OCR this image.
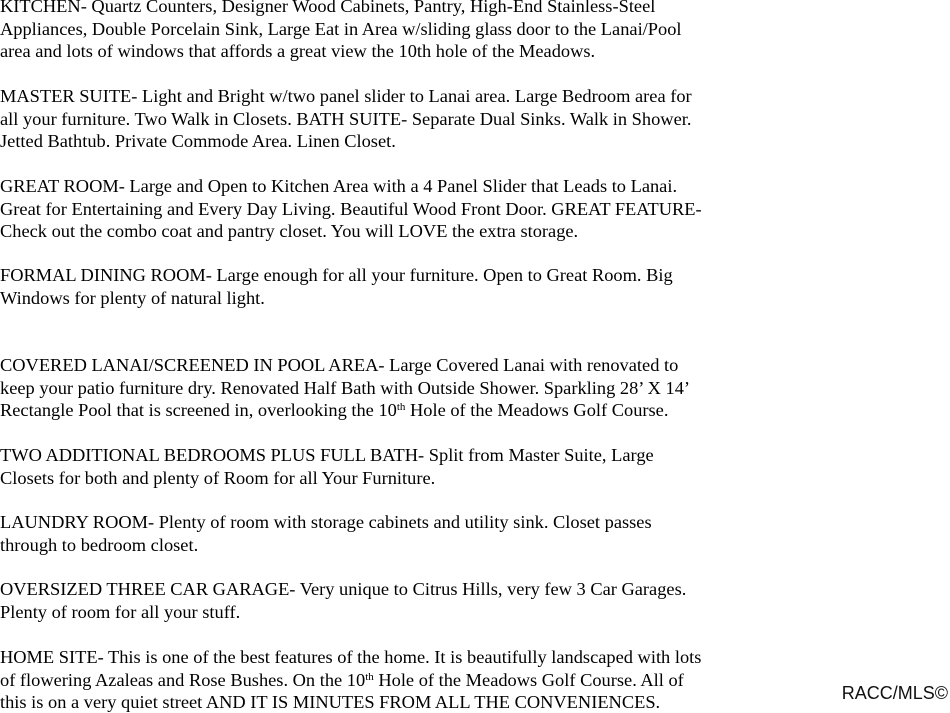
KITCHEN- Quartz Counters, Designer Wood Cabinets, Pantry, High-End Stainless-Steel
Appliances, Double Porcelain Sink, Large Eat in Area w/sliding glass door to the Lanai/Pool
area and lots of windows that affords a great view the 10th hole of the Meadows.

MASTER SUITE- Light and Bright w/two panel slider to Lanai area. Large Bedroom area for
all your furniture. Two Walk in Closets. BATH SUITE- Separate Dual Sinks. Walk in Shower.
Jetted Bathtub. Private Commode Area. Linen Closet.

GREAT ROOM- Large and Open to Kitchen Area with a 4 Panel Slider that Leads to Lanai.
Great for Entertaining and Every Day Living. Beautiful Wood Front Door. GREAT FEATURE-
Check out the combo coat and pantry closet. You will LOVE the extra storage.

FORMAL DINING ROOM- Large enough for all your furniture. Open to Great Room. Big
Windows for plenty of natural light.

COVERED LANAI/SCREENED IN POOL AREA- Large Covered Lanai with renovated to
keep your patio furniture dry. Renovated Half Bath with Outside Shower. Sparkling 28’ X 14’
Rectangle Pool that is screened in, overlooking the 10th Hole of the Meadows Golf Course.

TWO ADDITIONAL BEDROOMS PLUS FULL BATH- Split from Master Suite, Large
Closets for both and plenty of Room for all Your Furniture.

LAUNDRY ROOM- Plenty of room with storage cabinets and utility sink. Closet passes
through to bedroom closet.

OVERSIZED THREE CAR GARAGE- Very unique to Citrus Hills, very few 3 Car Garages.
Plenty of room for all your stuff.

HOME SITE- This is one of the best features of the home. It is beautifully landscaped with lots
of flowering Azaleas and Rose Bushes. On the 10th Hole of the Meadows Golf Course. All of
this is on a very quiet street AND IT IS MINUTES FROM ALL THE CONVENIENCES.	RACC/MLS©
